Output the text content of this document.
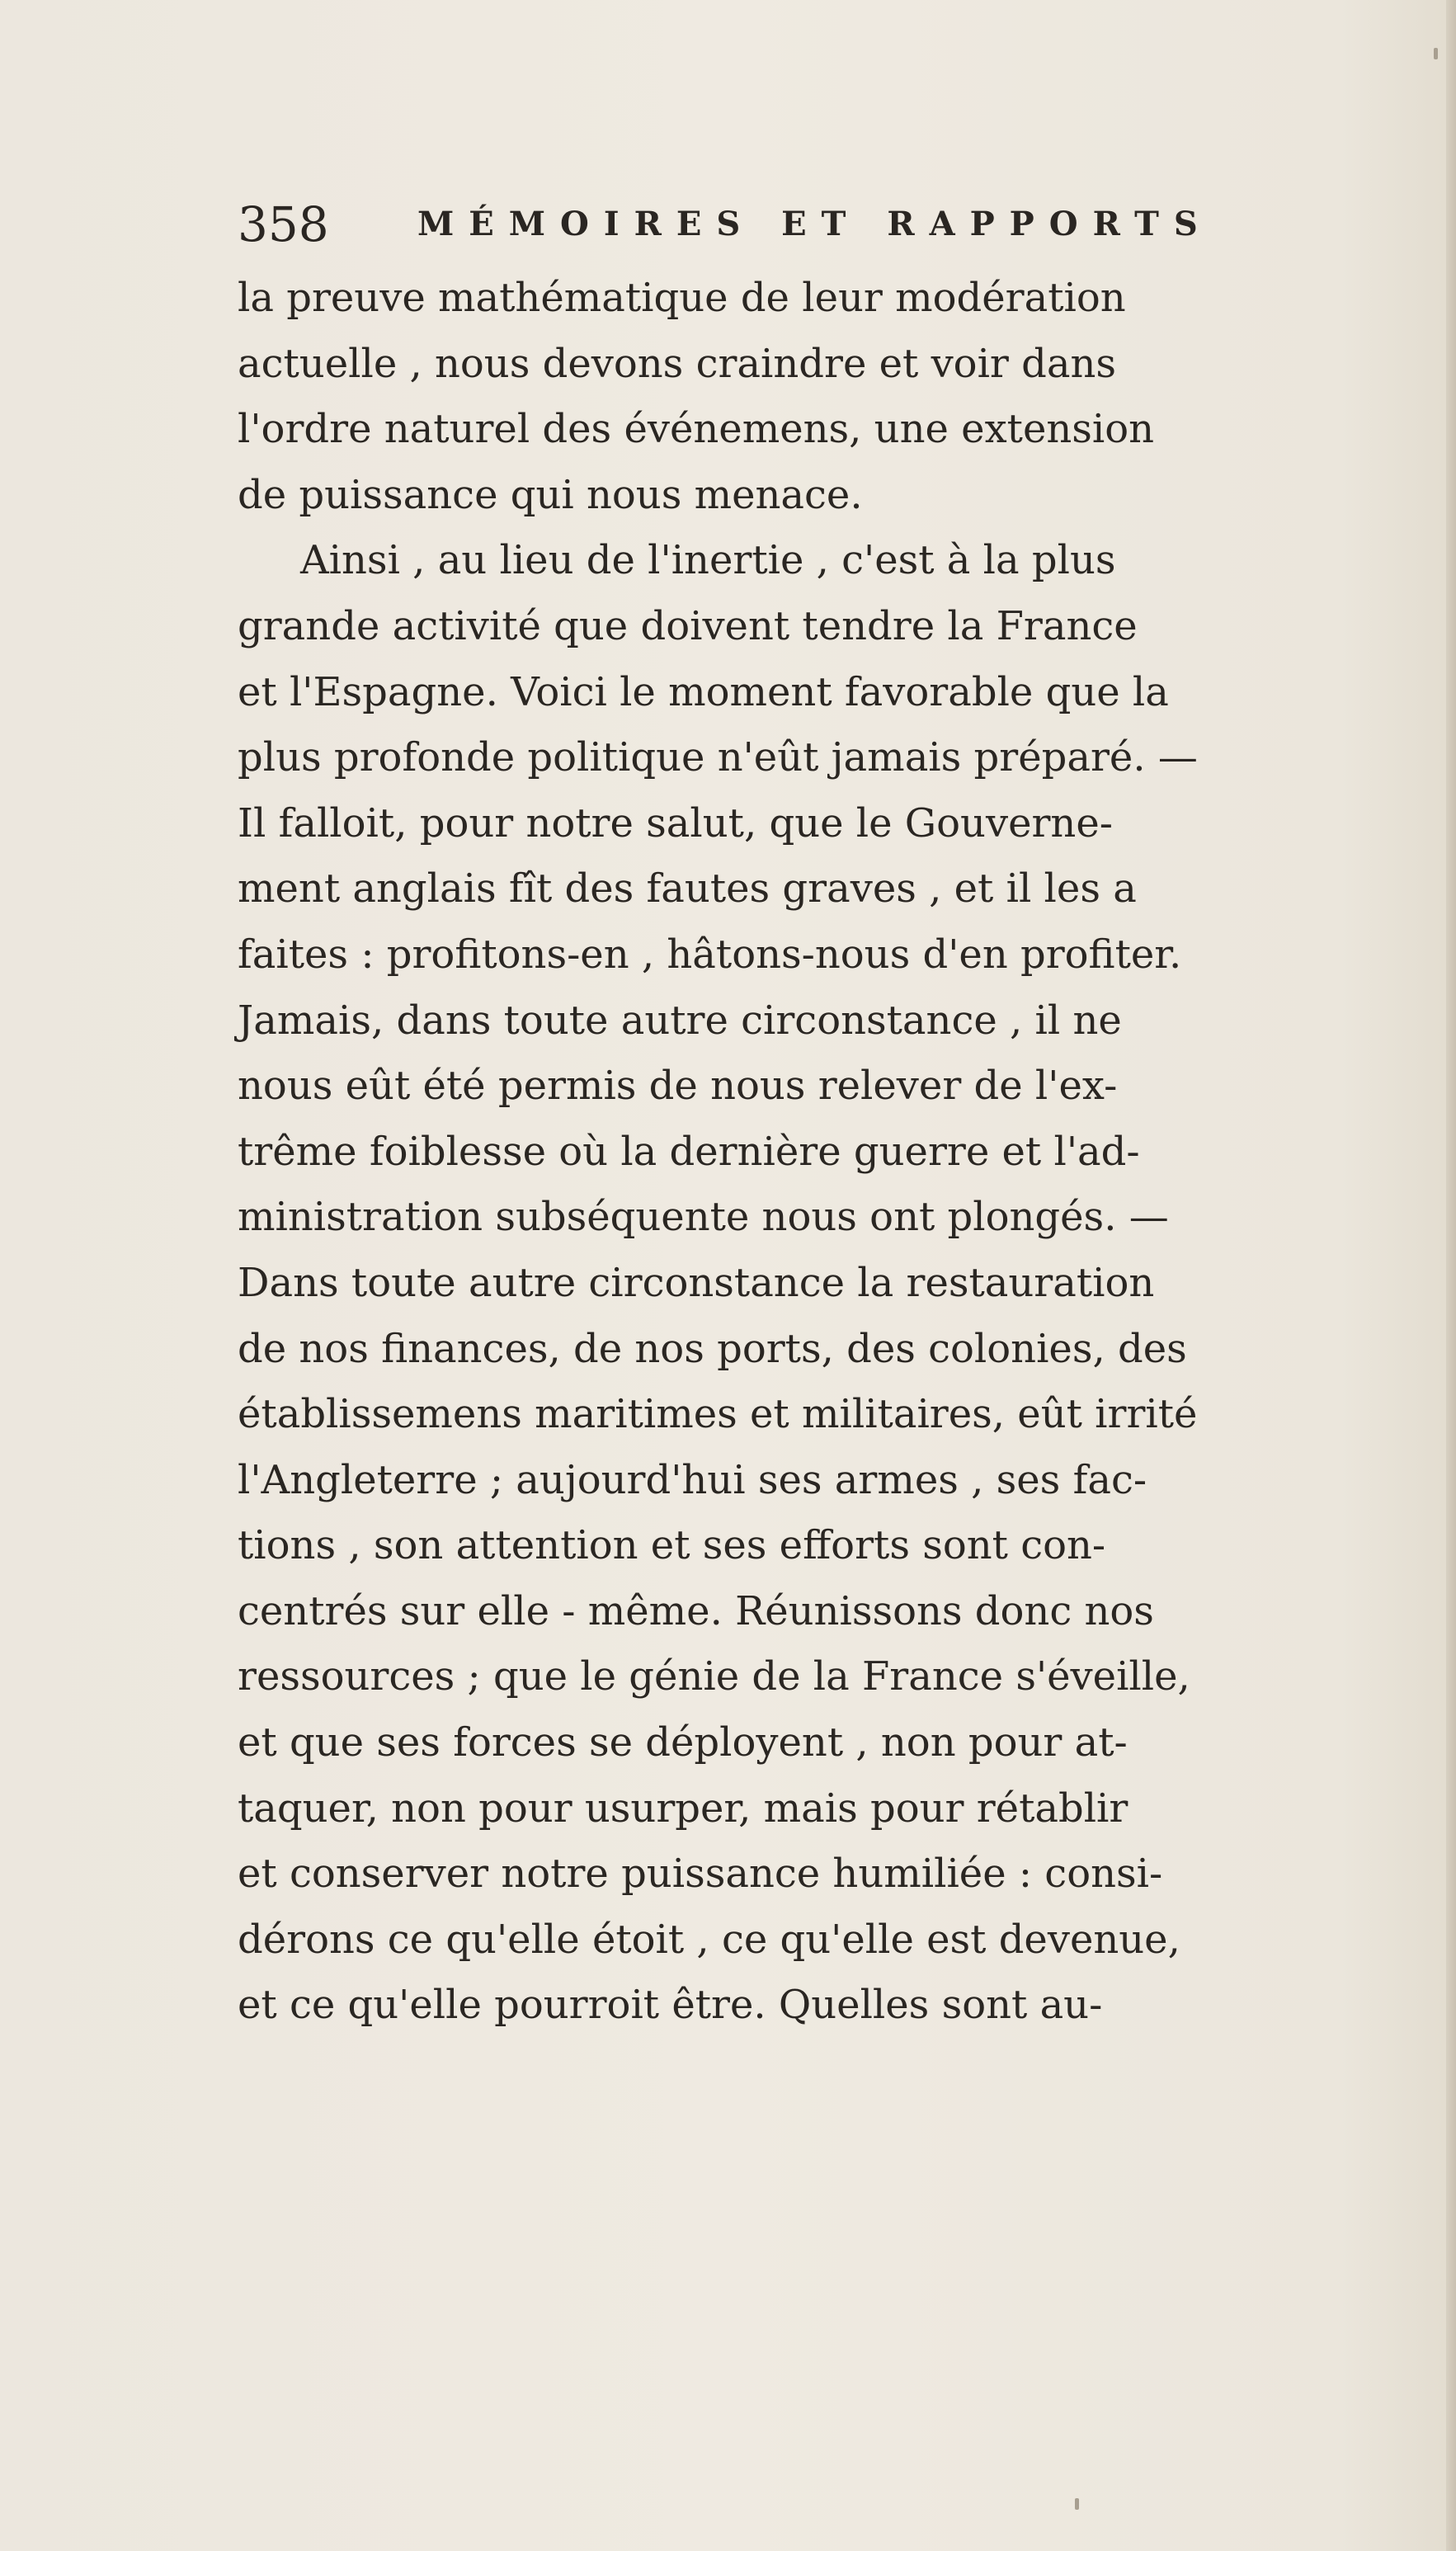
358	MÉMOIRES ET RAPPORTS
la preuve mathématique de leur modération
actuelle , nous devons craindre et voir dans
l'ordre naturel des événemens, une extension
de puissance qui nous menace.
Ainsi , au lieu de l'inertie , c'est à la plus
grande activité que doivent tendre la France
et l'Espagne. Voici le moment favorable que la
plus profonde politique n'eût jamais préparé. —
Il falloit, pour notre salut, que le Gouverne-
ment anglais fît des fautes graves , et il les a
faites : profitons-en , hâtons-nous d'en profiter.
Jamais, dans toute autre circonstance , il ne
nous eût été permis de nous relever de l'ex-
trême foiblesse où la dernière guerre et l'ad-
ministration subséquente nous ont plongés. —
Dans toute autre circonstance la restauration
de nos finances, de nos ports, des colonies, des
établissemens maritimes et militaires, eût irrité
l'Angleterre ; aujourd'hui ses armes , ses fac-
tions , son attention et ses efforts sont con-
centrés sur elle - même. Réunissons donc nos
ressources ; que le génie de la France s'éveille,
et que ses forces se déployent , non pour at-
taquer, non pour usurper, mais pour rétablir
et conserver notre puissance humiliée : consi-
dérons ce qu'elle étoit , ce qu'elle est devenue,
et ce qu'elle pourroit être. Quelles sont au-
